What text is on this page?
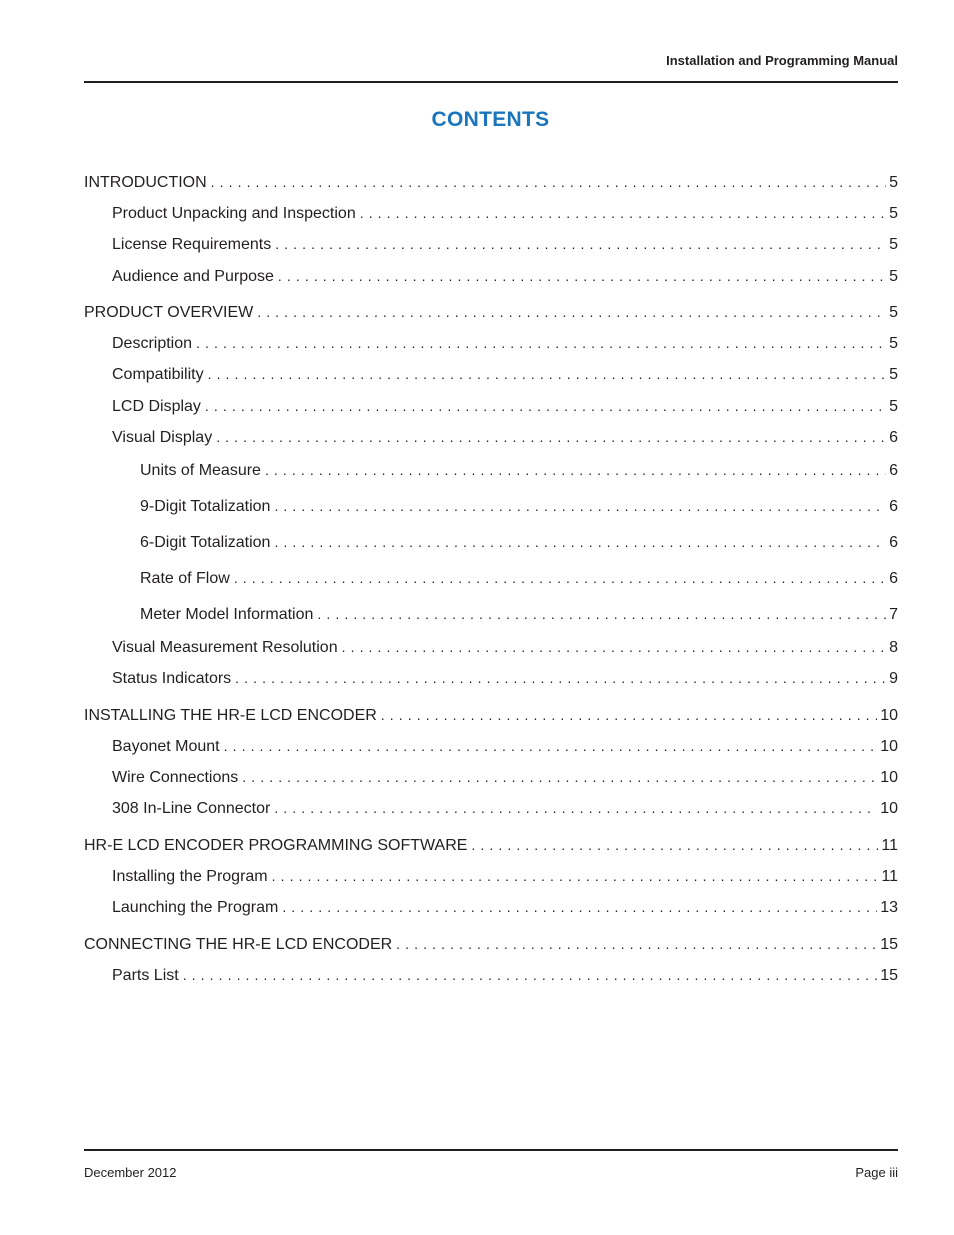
Installation and Programming Manual
CONTENTS
INTRODUCTION . . .	5
Product Unpacking and Inspection . . .	5
License Requirements . . .	5
Audience and Purpose . . .	5
PRODUCT OVERVIEW . . .	5
Description . . .	5
Compatibility . . .	5
LCD Display . . .	5
Visual Display . . .	6
Units of Measure . . .	6
9-Digit Totalization . . .	6
6-Digit Totalization . . .	6
Rate of Flow . . .	6
Meter Model Information . . .	7
Visual Measurement Resolution . . .	8
Status Indicators . . .	9
INSTALLING THE HR-E LCD ENCODER . . .	10
Bayonet Mount . . .	10
Wire Connections . . .	10
308 In-Line Connector . . .	10
HR-E LCD ENCODER PROGRAMMING SOFTWARE . . .	11
Installing the Program . . .	11
Launching the Program . . .	13
CONNECTING THE HR-E LCD ENCODER . . .	15
Parts List . . .	15
December 2012	Page iii
